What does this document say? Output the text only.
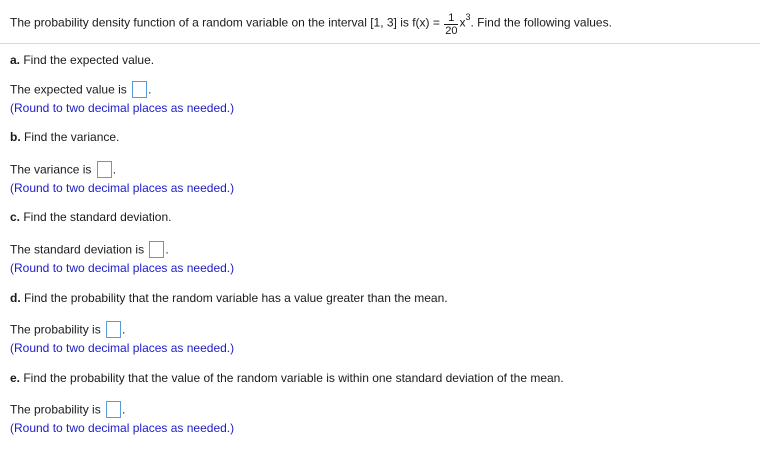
The probability density function of a random variable on the interval [1, 3] is $f(x) = \frac{1}{20} x^3$. Find the following values.
a. Find the expected value.
The expected value is .
(Round to two decimal places as needed.)
b. Find the variance.
The variance is .
(Round to two decimal places as needed.)
c. Find the standard deviation.
The standard deviation is .
(Round to two decimal places as needed.)
d. Find the probability that the random variable has a value greater than the mean.
The probability is .
(Round to two decimal places as needed.)
e. Find the probability that the value of the random variable is within one standard deviation of the mean.
The probability is .
(Round to two decimal places as needed.)
